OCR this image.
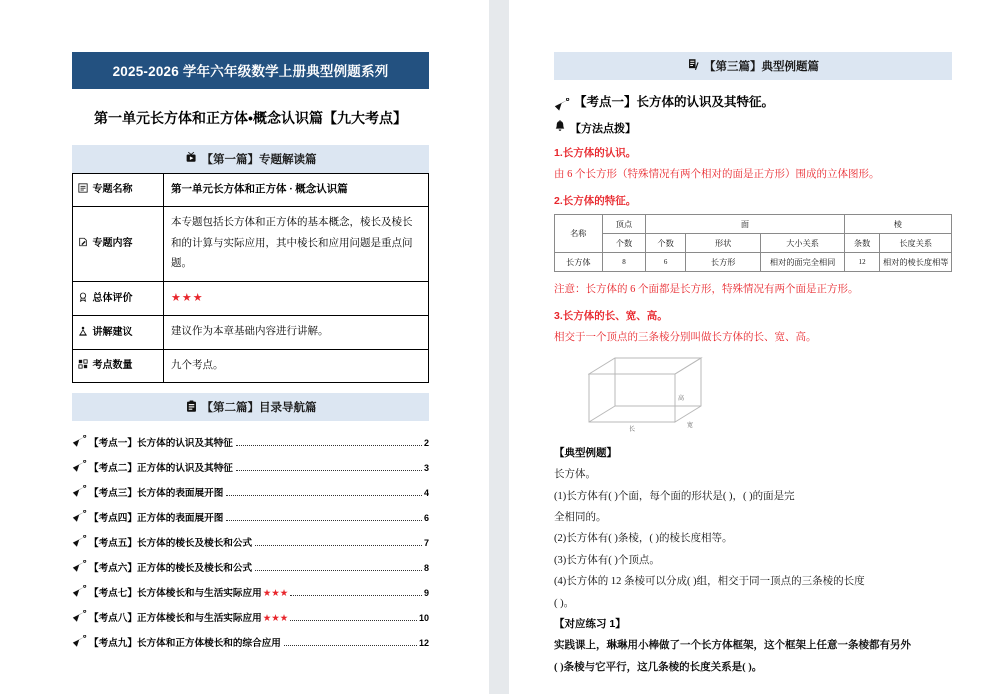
2025-2026 学年六年级数学上册典型例题系列
第一单元长方体和正方体•概念认识篇【九大考点】
【第一篇】专题解读篇
专题名称	第一单元长方体和正方体 · 概念认识篇
专题内容	本专题包括长方体和正方体的基本概念，棱长及棱长和的计算与实际应用，其中棱长和应用问题是重点问题。
总体评价	★★★
讲解建议	建议作为本章基础内容进行讲解。
考点数量	九个考点。
【第二篇】目录导航篇
【考点一】长方体的认识及其特征	2
【考点二】正方体的认识及其特征	3
【考点三】长方体的表面展开图	4
【考点四】正方体的表面展开图	6
【考点五】长方体的棱长及棱长和公式	7
【考点六】正方体的棱长及棱长和公式	8
【考点七】长方体棱长和与生活实际应用 ★★★	9
【考点八】正方体棱长和与生活实际应用 ★★★	10
【考点九】长方体和正方体棱长和的综合应用	12
【第三篇】典型例题篇
【考点一】长方体的认识及其特征。
【方法点拨】
1.长方体的认识。
由 6 个长方形（特殊情况有两个相对的面是正方形）围成的立体图形。
2.长方体的特征。
名称	顶点	面			棱	
	个数	个数	形状	大小关系	条数	长度关系
长方体	8	6	长方形	相对的面完全相同	12	相对的棱长度相等
注意：长方体的 6 个面都是长方形，特殊情况有两个面是正方形。
3.长方体的长、宽、高。
相交于一个顶点的三条棱分别叫做长方体的长、宽、高。
长
宽
高
【典型例题】
长方体。
(1)长方体有( )个面，每个面的形状是( )，( )的面是完
全相同的。
(2)长方体有( )条棱，( )的棱长度相等。
(3)长方体有( )个顶点。
(4)长方体的 12 条棱可以分成( )组，相交于同一顶点的三条棱的长度
( )。
【对应练习 1】
实践课上，琳琳用小棒做了一个长方体框架，这个框架上任意一条棱都有另外
( )条棱与它平行，这几条棱的长度关系是( )。
